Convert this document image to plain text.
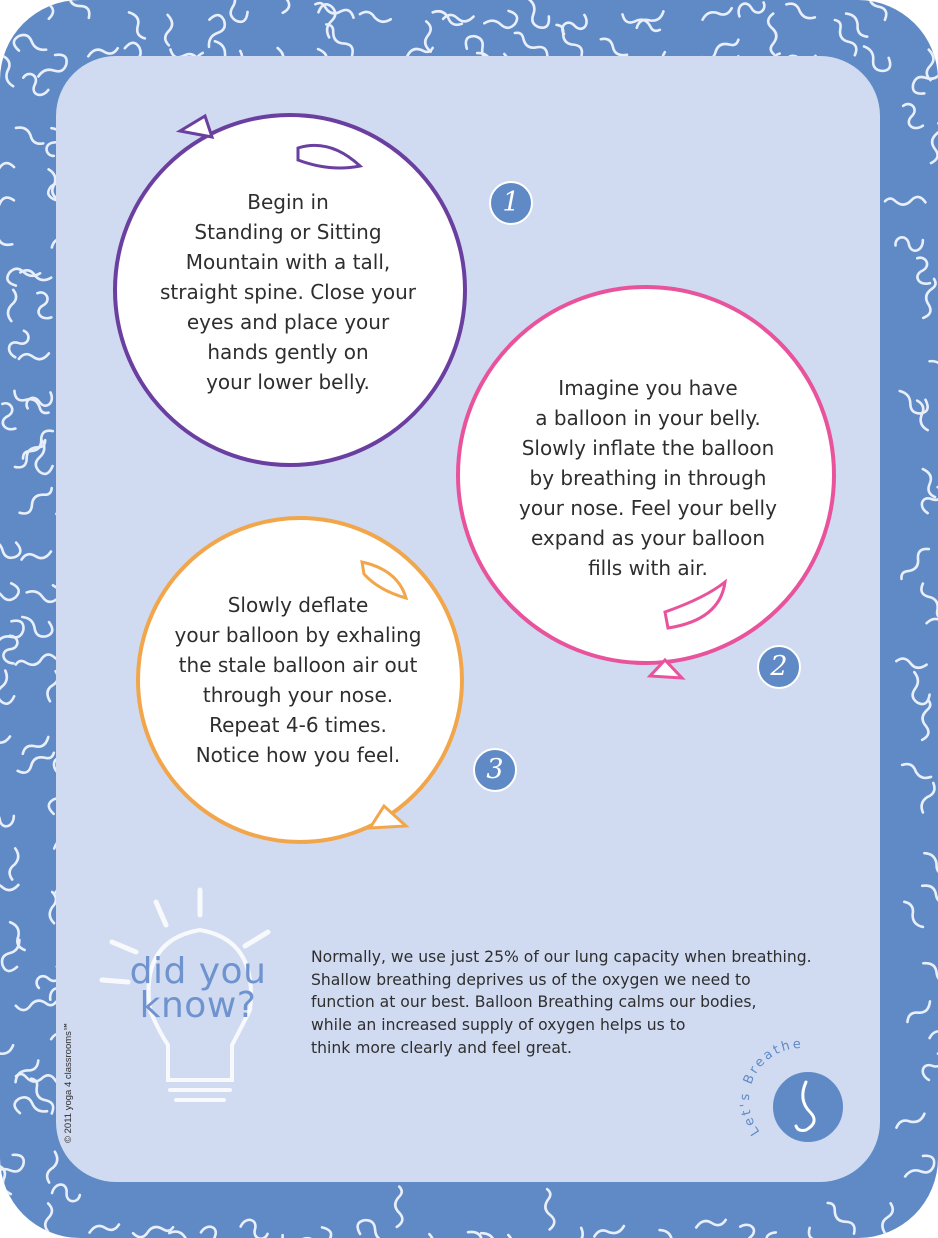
Let's Breathe
1
2
3
Begin in
Standing or Sitting
Mountain with a tall,
straight spine. Close your
eyes and place your
hands gently on
your lower belly.	Imagine you have
a balloon in your belly.
Slowly inflate the balloon
by breathing in through
your nose. Feel your belly
expand as your balloon
fills with air.
Slowly deflate
your balloon by exhaling
the stale balloon air out
through your nose.
Repeat 4-6 times.
Notice how you feel.
did you
know?
Normally, we use just 25% of our lung capacity when breathing.
Shallow breathing deprives us of the oxygen we need to
function at our best. Balloon Breathing calms our bodies,
while an increased supply of oxygen helps us to
think more clearly and feel great.
© 2011 yoga 4 classrooms℠
